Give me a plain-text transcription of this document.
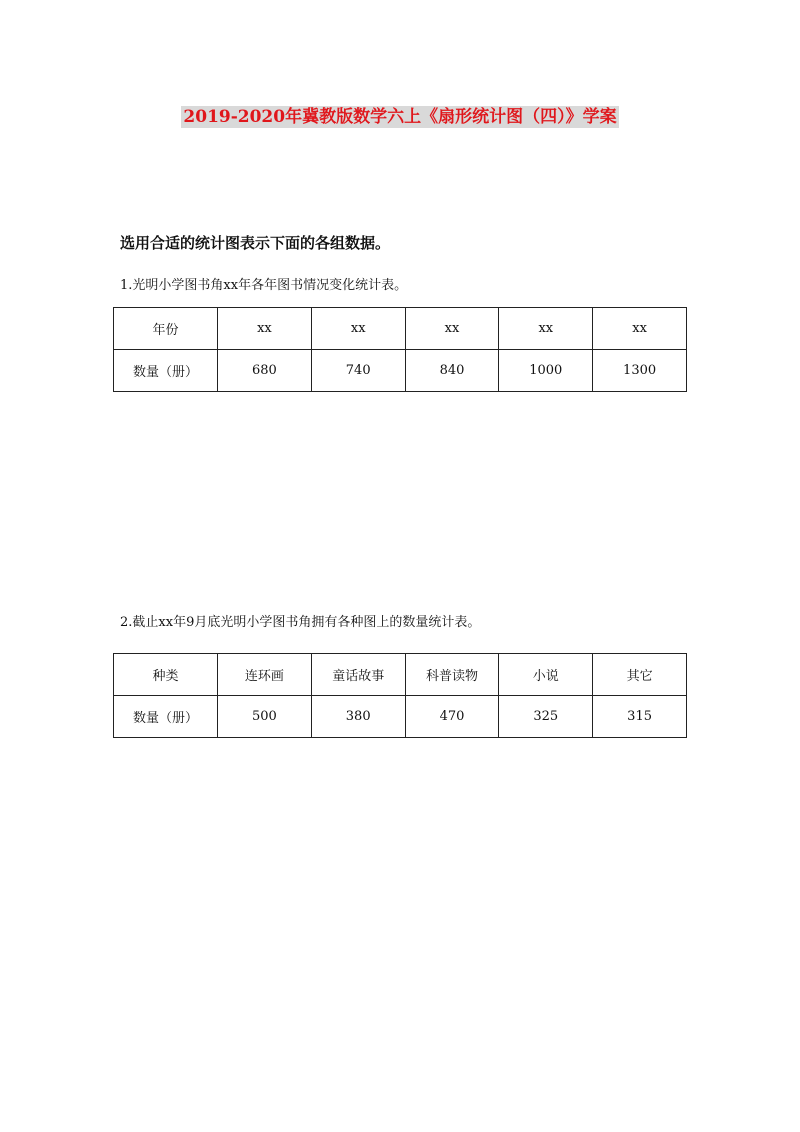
2019-2020年冀教版数学六上《扇形统计图（四）》学案
选用合适的统计图表示下面的各组数据。
1.光明小学图书角xx年各年图书情况变化统计表。
年份	xx	xx	xx	xx	xx
数量（册）	680	740	840	1000	1300
2.截止xx年9月底光明小学图书角拥有各种图上的数量统计表。
种类	连环画	童话故事	科普读物	小说	其它
数量（册）	500	380	470	325	315
